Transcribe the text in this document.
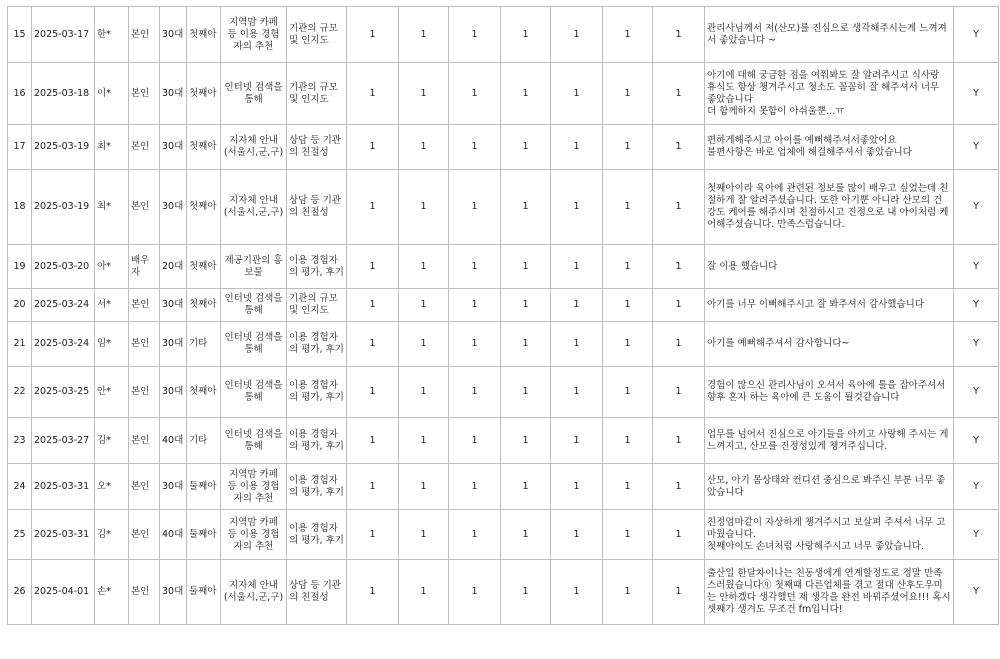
15	2025-03-17	한*	본인	30대	첫째아	지역맘 카페 등 이용 경험자의 추천	기관의 규모 및 인지도	1	1	1	1	1	1	1	관리사님께서 저(산모)를 진심으로 생각해주시는게 느껴져서 좋았습니다 ~	Y
16	2025-03-18	이*	본인	30대	첫째아	인터넷 검색을 통해	기관의 규모 및 인지도	1	1	1	1	1	1	1	아기에 대해 궁금한 점을 여쭤봐도 잘 알려주시고 식사랑 휴식도 항상 챙겨주시고 청소도 꼼꼼히 잘 해주셔서 너무 좋았습니다
더 함께하지 못함이 아쉬울뿐...ㅠ	Y
17	2025-03-19	최*	본인	30대	첫째아	지자체 안내 (서울시,군,구)	상담 등 기관의 친절성	1	1	1	1	1	1	1	편하게해주시고 아이를 예뻐해주셔서좋았어요
불편사항은 바로 업체에 해결해주셔서 좋았습니다	Y
18	2025-03-19	최*	본인	30대	첫째아	지자체 안내 (서울시,군,구)	상담 등 기관의 친절성	1	1	1	1	1	1	1	첫째아이라 육아에 관련된 정보를 많이 배우고 싶었는데 친절하게 잘 알려주셨습니다. 또한 아기뿐 아니라 산모의 건강도 케어를 해주시며 친절하시고 진정으로 내 아이처럼 케어해주셨습니다. 만족스럽습니다.	Y
19	2025-03-20	아*	배우자	20대	첫째아	제공기관의 홍보물	이용 경험자의 평가, 후기	1	1	1	1	1	1	1	잘 이용 했습니다	Y
20	2025-03-24	서*	본인	30대	첫째아	인터넷 검색을 통해	기관의 규모 및 인지도	1	1	1	1	1	1	1	아기를 너무 이뻐해주시고 잘 봐주셔서 감사했습니다	Y
21	2025-03-24	임*	본인	30대	기타	인터넷 검색을 통해	이용 경험자의 평가, 후기	1	1	1	1	1	1	1	아기를 예뻐해주셔서 감사합니다~	Y
22	2025-03-25	안*	본인	30대	첫째아	인터넷 검색을 통해	이용 경험자의 평가, 후기	1	1	1	1	1	1	1	경험이 많으신 관리사님이 오셔서 육아에 틀을 잡아주셔서 향후 혼자 하는 육아에 큰 도움이 될것같습니다	Y
23	2025-03-27	김*	본인	40대	기타	인터넷 검색을 통해	이용 경험자의 평가, 후기	1	1	1	1	1	1	1	업무를 넘어서 진심으로 아기들을 아끼고 사랑해 주시는 게 느껴지고, 산모를 진정성있게 챙겨주십니다.	Y
24	2025-03-31	오*	본인	30대	둘째아	지역맘 카페 등 이용 경험자의 추천	이용 경험자의 평가, 후기	1	1	1	1	1	1	1	산모, 아기 몸상태와 컨디션 중심으로 봐주신 부분 너무 좋았습니다	Y
25	2025-03-31	김*	본인	40대	둘째아	지역맘 카페 등 이용 경험자의 추천	이용 경험자의 평가, 후기	1	1	1	1	1	1	1	친정엄마같이 자상하게 챙겨주시고 보살펴 주셔서 너무 고마웠습니다.
첫째아이도 손녀처럼 사랑해주시고 너무 좋았습니다.	Y
26	2025-04-01	손*	본인	30대	둘째아	지자체 안내 (서울시,군,구)	상담 등 기관의 친절성	1	1	1	1	1	1	1	출산일 한달차이나는 친동생에게 연계할정도로 정말 만족스러웠습니다ⓠ 첫째때 다른업체를 겪고 절대 산후도우미는 안하겠다 생각했던 제 생각을 완전 바꿔주셨어요!!! 혹시 셋째가 생겨도 무조건 fm입니다!	Y
